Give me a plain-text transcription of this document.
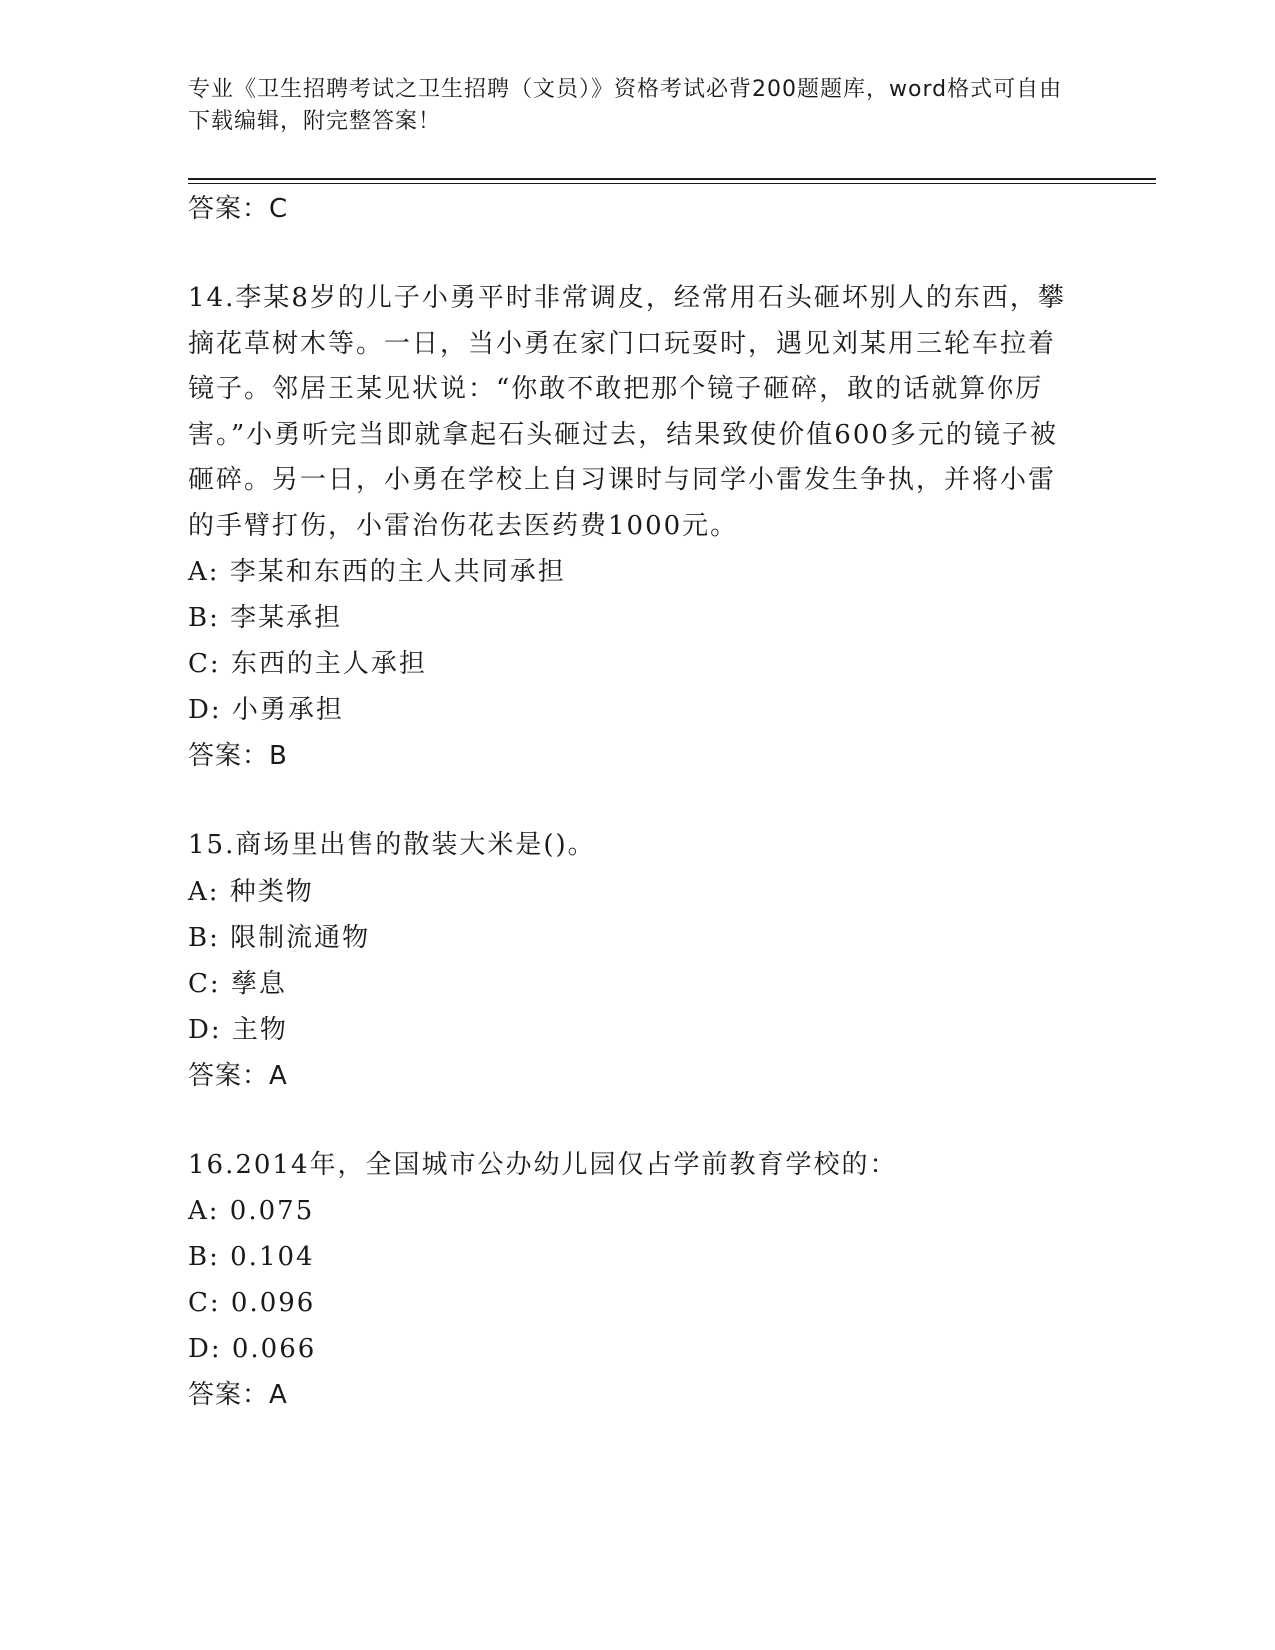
专业《卫生招聘考试之卫生招聘（文员）》资格考试必背200题题库，word格式可自由下载编辑，附完整答案！
答案：C
14.李某8岁的儿子小勇平时非常调皮，经常用石头砸坏别人的东西，攀摘花草树木等。一日，当小勇在家门口玩耍时，遇见刘某用三轮车拉着镜子。邻居王某见状说：“你敢不敢把那个镜子砸碎，敢的话就算你厉害。”小勇听完当即就拿起石头砸过去，结果致使价值600多元的镜子被砸碎。另一日，小勇在学校上自习课时与同学小雷发生争执，并将小雷的手臂打伤，小雷治伤花去医药费1000元。
A: 李某和东西的主人共同承担
B: 李某承担
C: 东西的主人承担
D: 小勇承担
答案：B
15.商场里出售的散装大米是()。
A: 种类物
B: 限制流通物
C: 孳息
D: 主物
答案：A
16.2014年，全国城市公办幼儿园仅占学前教育学校的：
A: 0.075
B: 0.104
C: 0.096
D: 0.066
答案：A
